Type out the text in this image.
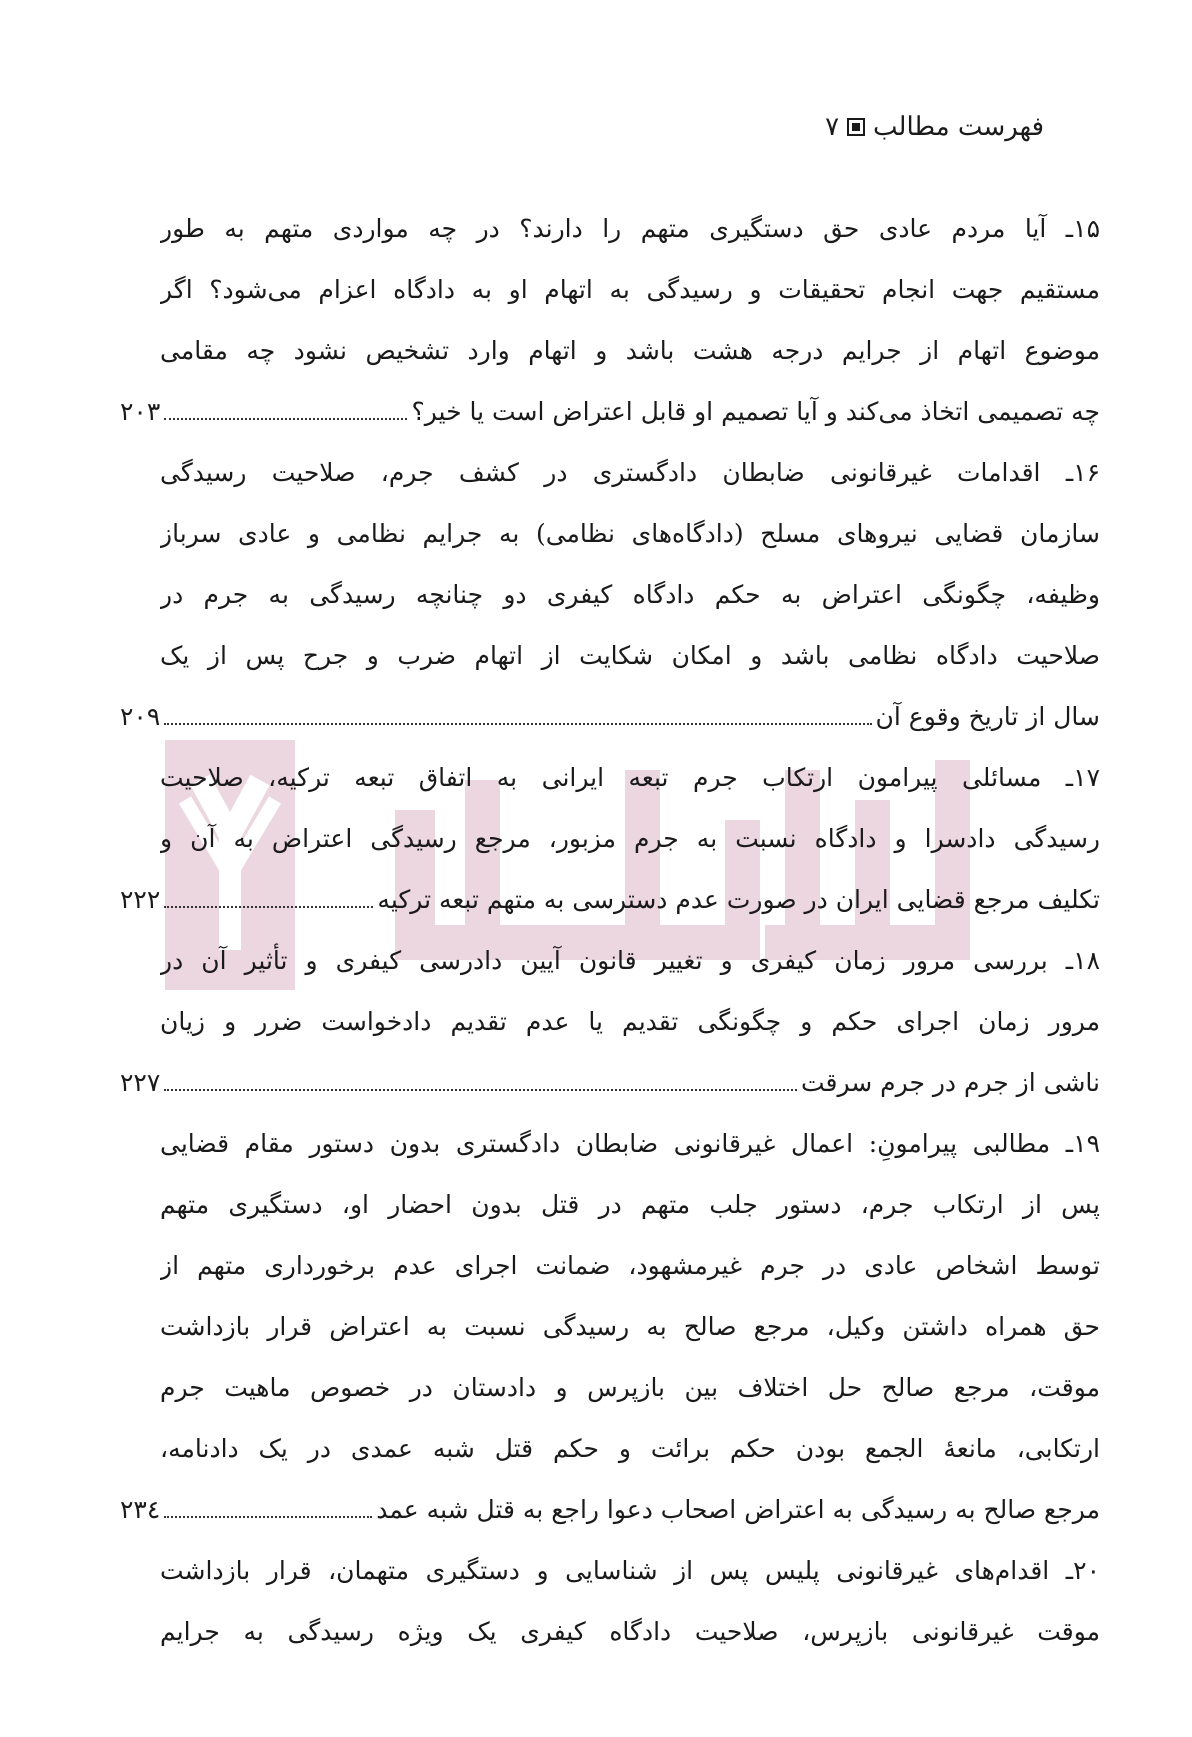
فهرست مطالب
۷
۱۵ـ آیا مردم عادی حق دستگیری متهم را دارند؟ در چه مواردی متهم به طور
مستقیم جهت انجام تحقیقات و رسیدگی به اتهام او به دادگاه اعزام می‌شود؟ اگر
موضوع اتهام از جرایم درجه هشت باشد و اتهام وارد تشخیص نشود چه مقامی
چه تصمیمی اتخاذ می‌کند و آیا تصمیم او قابل اعتراض است یا خیر؟
۲۰۳
۱۶ـ اقدامات غیرقانونی ضابطان دادگستری در کشف جرم، صلاحیت رسیدگی
سازمان قضایی نیروهای مسلح (دادگاه‌های نظامی) به جرایم نظامی و عادی سرباز
وظیفه، چگونگی اعتراض به حکم دادگاه کیفری دو چنانچه رسیدگی به جرم در
صلاحیت دادگاه نظامی باشد و امکان شکایت از اتهام ضرب و جرح پس از یک
سال از تاریخ وقوع آن
۲۰۹
۱۷ـ مسائلی پیرامون ارتکاب جرم تبعه ایرانی به اتفاق تبعه ترکیه، صلاحیت
رسیدگی دادسرا و دادگاه نسبت به جرم مزبور، مرجع رسیدگی اعتراض به آن و
تکلیف مرجع قضایی ایران در صورت عدم دسترسی به متهم تبعه ترکیه
۲۲۲
۱۸ـ بررسی مرور زمان کیفری و تغییر قانون آیین دادرسی کیفری و تأثیر آن در
مرور زمان اجرای حکم و چگونگی تقدیم یا عدم تقدیم دادخواست ضرر و زیان
ناشی از جرم در جرم سرقت
۲۲۷
۱۹ـ مطالبی پیرامونِ: اعمال غیرقانونی ضابطان دادگستری بدون دستور مقام قضایی
پس از ارتکاب جرم، دستور جلب متهم در قتل بدون احضار او، دستگیری متهم
توسط اشخاص عادی در جرم غیرمشهود، ضمانت اجرای عدم برخورداری متهم از
حق همراه داشتن وکیل، مرجع صالح به رسیدگی نسبت به اعتراض قرار بازداشت
موقت، مرجع صالح حل اختلاف بین بازپرس و دادستان در خصوص ماهیت جرم
ارتکابی، مانعهٔ الجمع بودن حکم برائت و حکم قتل شبه عمدی در یک دادنامه،
مرجع صالح به رسیدگی به اعتراض اصحاب دعوا راجع به قتل شبه عمد
۲۳٤
۲۰ـ اقدام‌های غیرقانونی پلیس پس از شناسایی و دستگیری متهمان، قرار بازداشت
موقت غیرقانونی بازپرس، صلاحیت دادگاه کیفری یک ویژه رسیدگی به جرایم
